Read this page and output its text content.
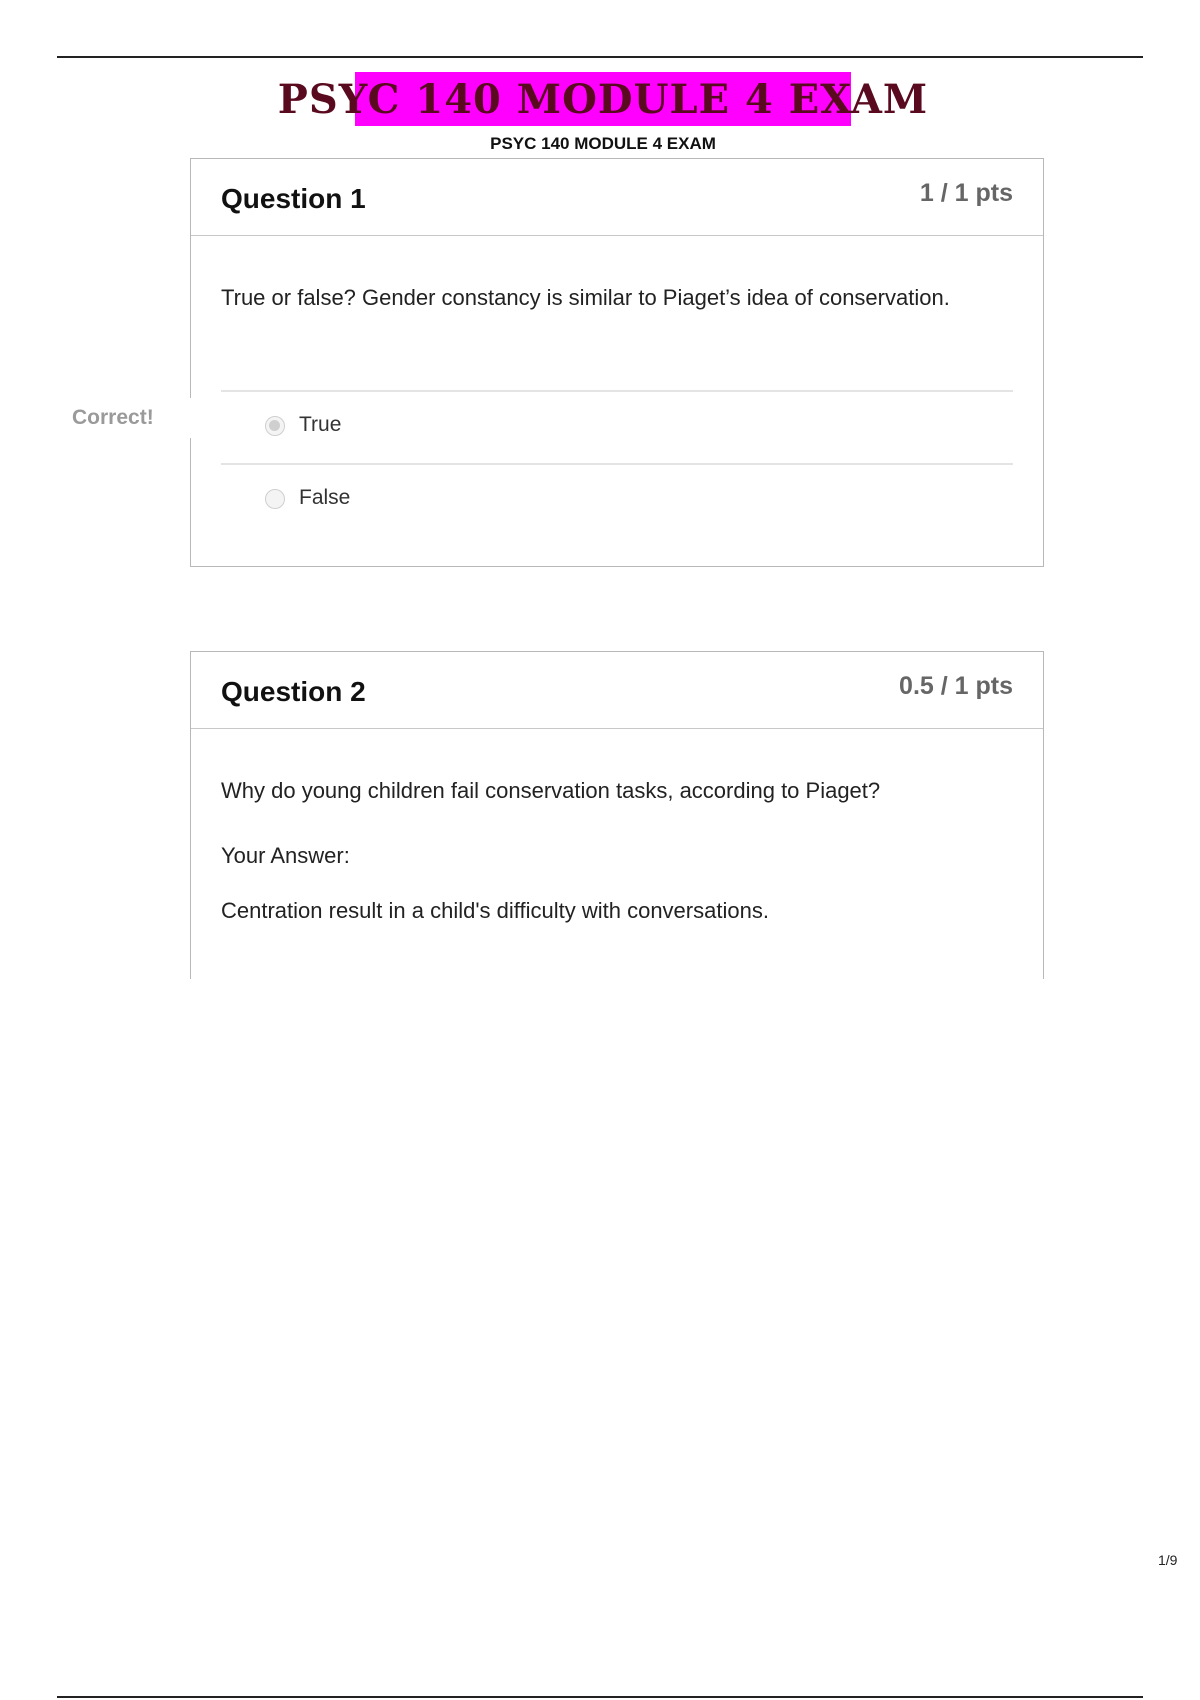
PSYC 140 MODULE 4 EXAM
PSYC 140 MODULE 4 EXAM
Correct!
Question 1	1 / 1 pts
True or false? Gender constancy is similar to Piaget’s idea of conservation.
True
False
Question 2	0.5 / 1 pts
Why do young children fail conservation tasks, according to Piaget?
Your Answer:
Centration result in a child's difficulty with conversations.
1/9
